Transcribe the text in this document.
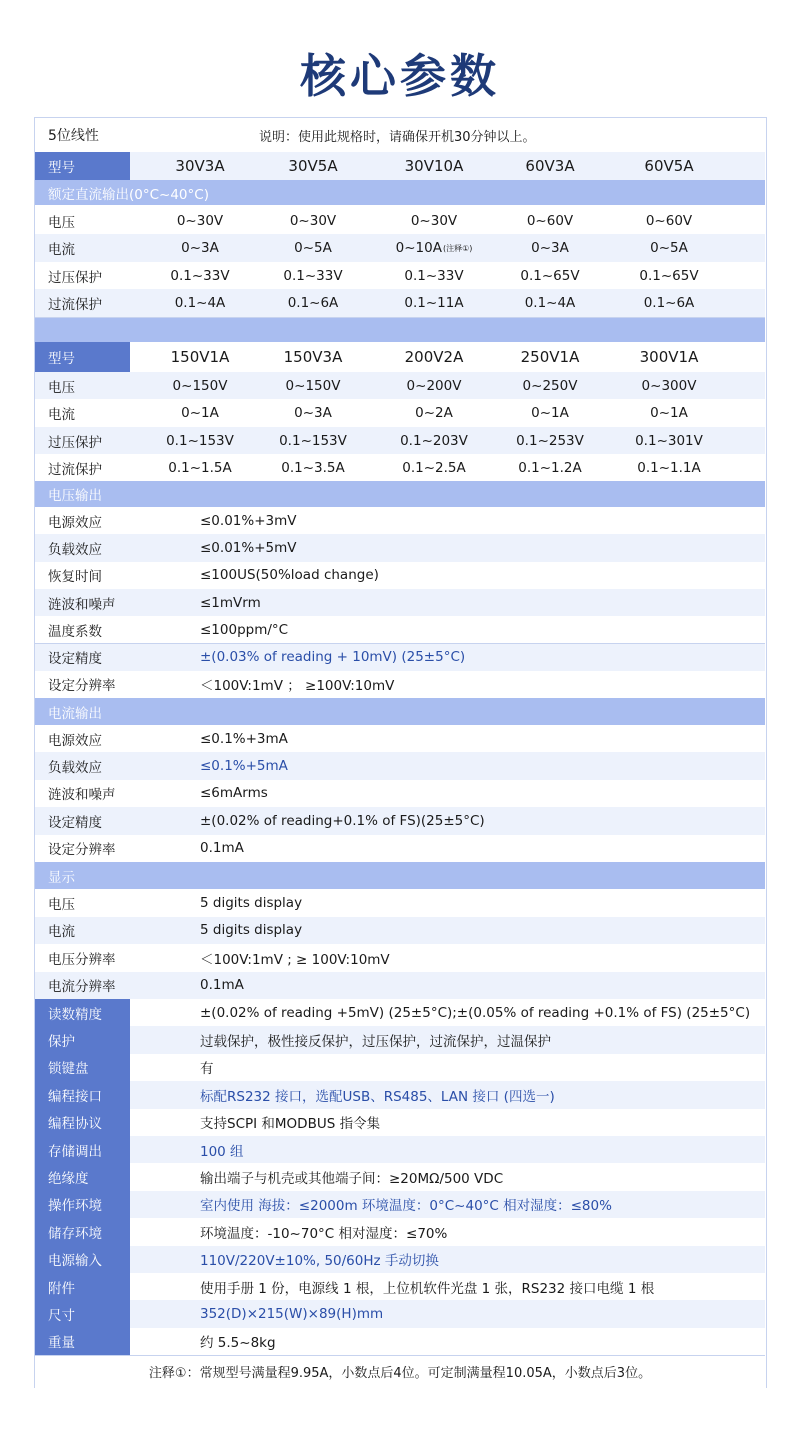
核心参数
5位线性	说明：使用此规格时，请确保开机30分钟以上。
型号	30V3A	30V5A	30V10A	60V3A	60V5A
额定直流输出(0°C~40°C)
电压	0~30V	0~30V	0~30V	0~60V	0~60V
电流	0~3A	0~5A	0~10A (注释①)	0~3A	0~5A
过压保护	0.1~33V	0.1~33V	0.1~33V	0.1~65V	0.1~65V
过流保护	0.1~4A	0.1~6A	0.1~11A	0.1~4A	0.1~6A
型号	150V1A	150V3A	200V2A	250V1A	300V1A
电压	0~150V	0~150V	0~200V	0~250V	0~300V
电流	0~1A	0~3A	0~2A	0~1A	0~1A
过压保护	0.1~153V	0.1~153V	0.1~203V	0.1~253V	0.1~301V
过流保护	0.1~1.5A	0.1~3.5A	0.1~2.5A	0.1~1.2A	0.1~1.1A
电压输出
电源效应	≤0.01%+3mV
负载效应	≤0.01%+5mV
恢复时间	≤100US(50%load change)
涟波和噪声	≤1mVrm
温度系数	≤100ppm/°C
设定精度	±(0.03% of reading + 10mV) (25±5°C)
设定分辨率	＜100V:1mV ； ≥100V:10mV
电流输出
电源效应	≤0.1%+3mA
负载效应	≤0.1%+5mA
涟波和噪声	≤6mArms
设定精度	±(0.02% of reading+0.1% of FS)(25±5°C)
设定分辨率	0.1mA
显示
电压	5 digits display
电流	5 digits display
电压分辨率	＜100V:1mV ; ≥ 100V:10mV
电流分辨率	0.1mA
读数精度	±(0.02% of reading +5mV) (25±5°C);±(0.05% of reading +0.1% of FS) (25±5°C)
保护	过载保护，极性接反保护，过压保护，过流保护，过温保护
锁键盘	有
编程接口	标配RS232 接口，选配USB、RS485、LAN 接口 (四选一)
编程协议	支持SCPI 和MODBUS 指令集
存储调出	100 组
绝缘度	输出端子与机壳或其他端子间：≥20MΩ/500 VDC
操作环境	室内使用 海拔：≤2000m 环境温度：0°C~40°C 相对湿度：≤80%
储存环境	环境温度：-10~70°C 相对湿度：≤70%
电源输入	110V/220V±10%, 50/60Hz 手动切换
附件	使用手册 1 份，电源线 1 根，上位机软件光盘 1 张，RS232 接口电缆 1 根
尺寸	352(D)×215(W)×89(H)mm
重量	约 5.5~8kg
注释①：常规型号满量程9.95A，小数点后4位。可定制满量程10.05A，小数点后3位。
